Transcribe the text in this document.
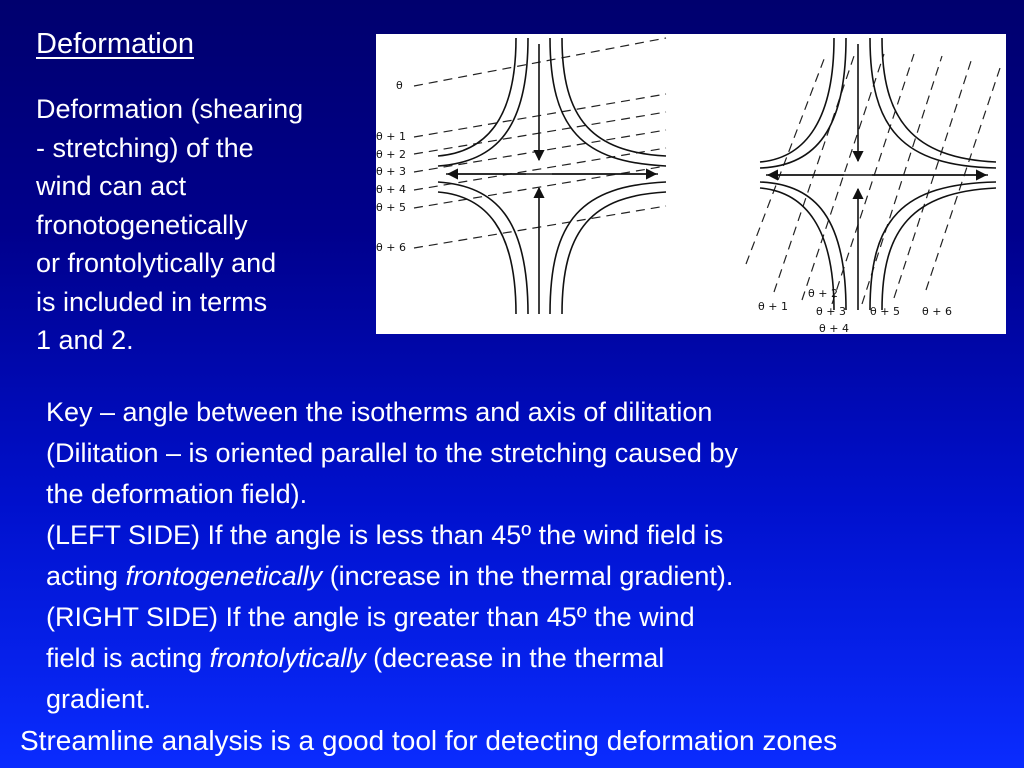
Deformation
Deformation (shearing
- stretching) of the
wind can act
fronotogenetically
or frontolytically and
is included in terms
1 and 2.
θ
θ + 1
θ + 2
θ + 3
θ + 4
θ + 5
θ + 6
θ + 1
θ + 2
θ + 3
θ + 4
θ + 5 θ + 6
Key – angle between the isotherms and axis of dilitation
(Dilitation – is oriented parallel to the stretching caused by
the deformation field).
(LEFT SIDE) If the angle is less than 45º the wind field is
acting frontogenetically (increase in the thermal gradient).
(RIGHT SIDE) If the angle is greater than 45º the wind
field is acting frontolytically (decrease in the thermal
gradient.
Streamline analysis is a good tool for detecting deformation zones
